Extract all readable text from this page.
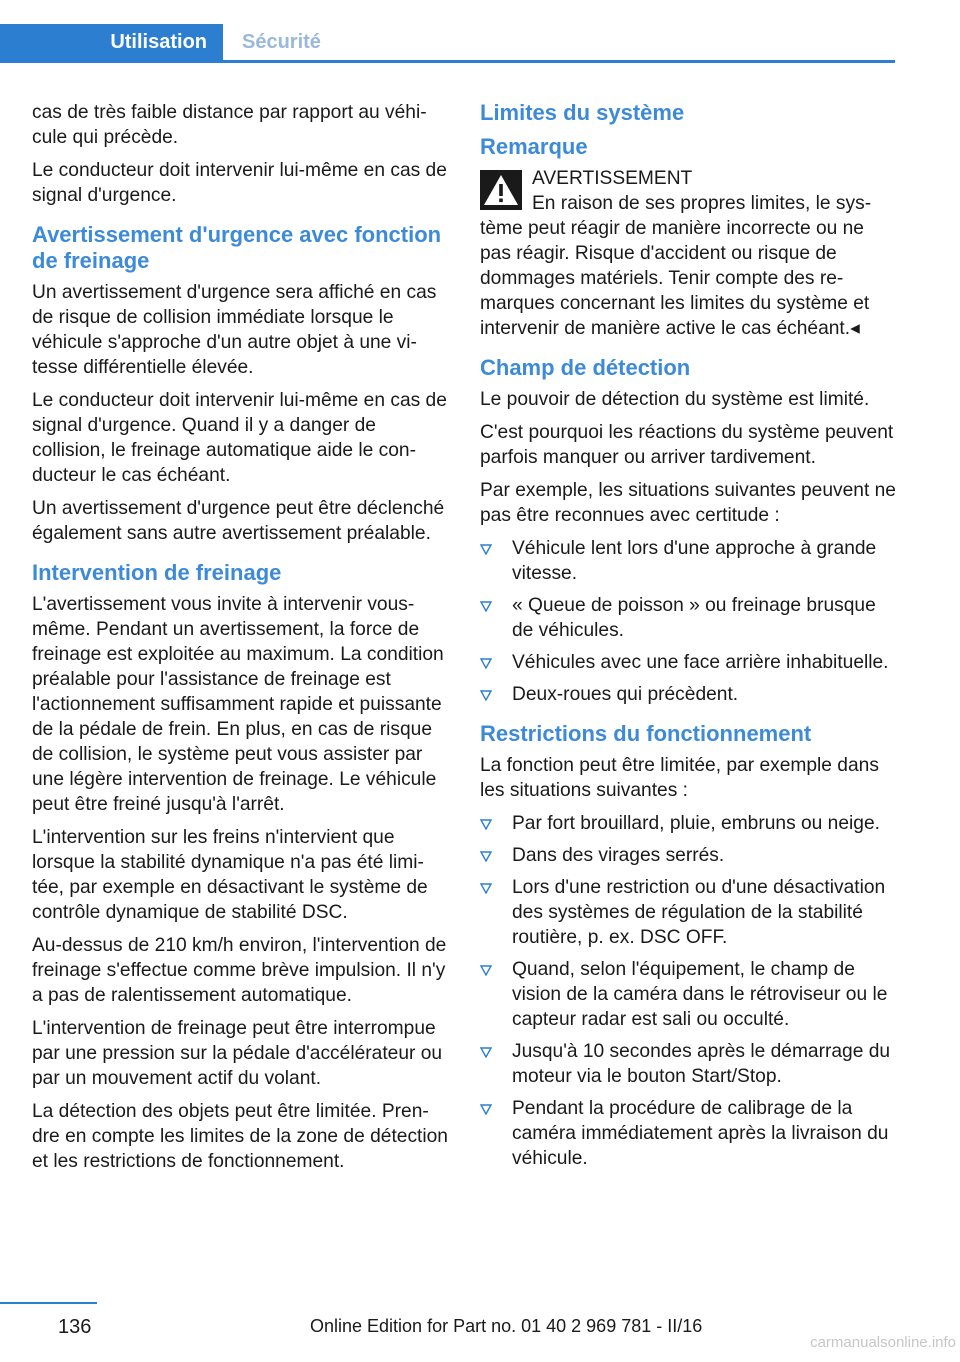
Utilisation	Sécurité

cas de très faible distance par rapport au véhicule qui précède.

Le conducteur doit intervenir lui-même en cas de signal d'urgence.

Avertissement d'urgence avec fonction de freinage

Un avertissement d'urgence sera affiché en cas de risque de collision immédiate lorsque le véhicule s'approche d'un autre objet à une vitesse différentielle élevée.

Le conducteur doit intervenir lui-même en cas de signal d'urgence. Quand il y a danger de collision, le freinage automatique aide le conducteur le cas échéant.

Un avertissement d'urgence peut être déclenché également sans autre avertissement préalable.

Intervention de freinage

L'avertissement vous invite à intervenir vous-même. Pendant un avertissement, la force de freinage est exploitée au maximum. La condition préalable pour l'assistance de freinage est l'actionnement suffisamment rapide et puissante de la pédale de frein. En plus, en cas de risque de collision, le système peut vous assister par une légère intervention de freinage. Le véhicule peut être freiné jusqu'à l'arrêt.

L'intervention sur les freins n'intervient que lorsque la stabilité dynamique n'a pas été limitée, par exemple en désactivant le système de contrôle dynamique de stabilité DSC.

Au-dessus de 210 km/h environ, l'intervention de freinage s'effectue comme brève impulsion. Il n'y a pas de ralentissement automatique.

L'intervention de freinage peut être interrompue par une pression sur la pédale d'accélérateur ou par un mouvement actif du volant.

La détection des objets peut être limitée. Prendre en compte les limites de la zone de détection et les restrictions de fonctionnement.

Limites du système
Remarque

AVERTISSEMENT

En raison de ses propres limites, le système peut réagir de manière incorrecte ou ne pas réagir. Risque d'accident ou risque de dommages matériels. Tenir compte des remarques concernant les limites du système et intervenir de manière active le cas échéant.◂

Champ de détection

Le pouvoir de détection du système est limité.

C'est pourquoi les réactions du système peuvent parfois manquer ou arriver tardivement.

Par exemple, les situations suivantes peuvent ne pas être reconnues avec certitude :

Véhicule lent lors d'une approche à grande vitesse.
« Queue de poisson » ou freinage brusque de véhicules.
Véhicules avec une face arrière inhabituelle.
Deux-roues qui précèdent.
Restrictions du fonctionnement

La fonction peut être limitée, par exemple dans les situations suivantes :

Par fort brouillard, pluie, embruns ou neige.
Dans des virages serrés.
Lors d'une restriction ou d'une désactivation des systèmes de régulation de la stabilité routière, p. ex. DSC OFF.
Quand, selon l'équipement, le champ de vision de la caméra dans le rétroviseur ou le capteur radar est sali ou occulté.
Jusqu'à 10 secondes après le démarrage du moteur via le bouton Start/Stop.
Pendant la procédure de calibrage de la caméra immédiatement après la livraison du véhicule.
136	Online Edition for Part no. 01 40 2 969 781 - II/16
carmanualsonline.info
